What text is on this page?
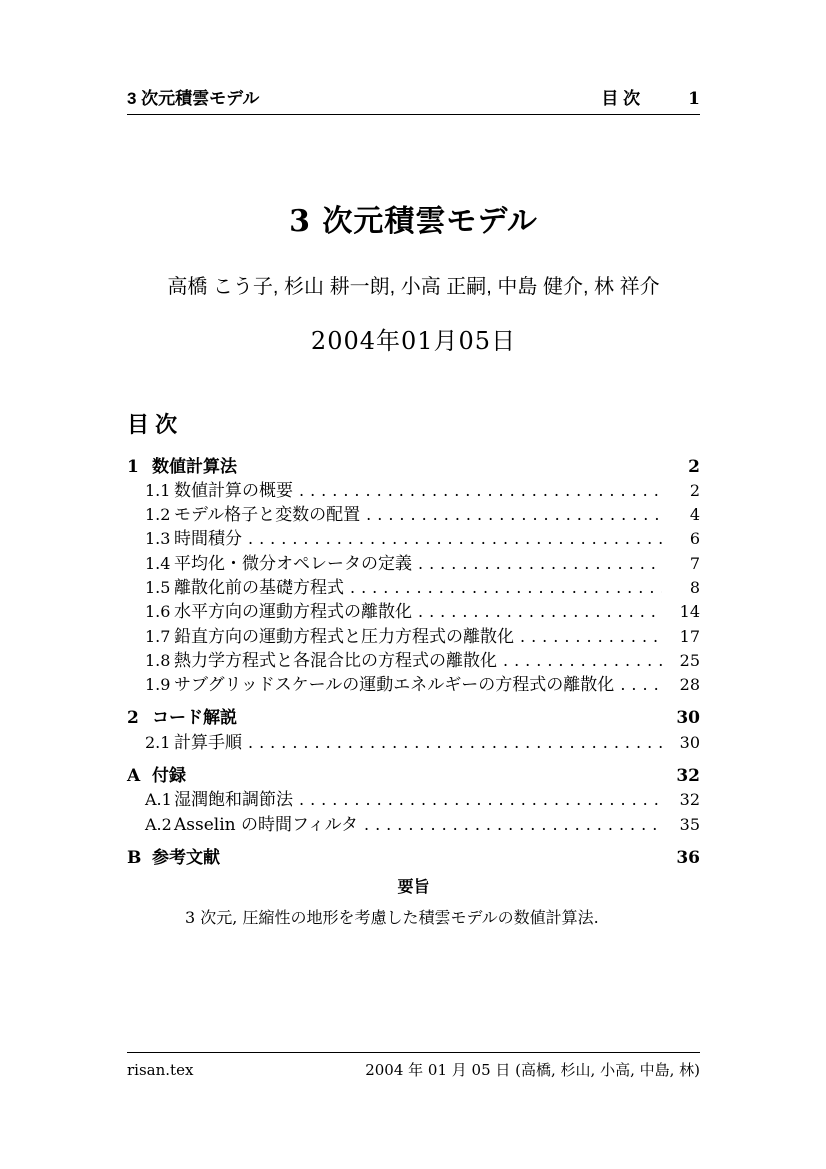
3 次元積雲モデル	目 次	1
3 次元積雲モデル
高橋 こう子, 杉山 耕一朗, 小高 正嗣, 中島 健介, 林 祥介
2004年01月05日
目 次
1 数値計算法	2
1.1 数値計算の概要 .....	2
1.2 モデル格子と変数の配置 .....	4
1.3 時間積分 .....	6
1.4 平均化・微分オペレータの定義 .....	7
1.5 離散化前の基礎方程式 .....	8
1.6 水平方向の運動方程式の離散化 .....	14
1.7 鉛直方向の運動方程式と圧力方程式の離散化 .....	17
1.8 熱力学方程式と各混合比の方程式の離散化 .....	25
1.9 サブグリッドスケールの運動エネルギーの方程式の離散化 .....	28
2 コード解説	30
2.1 計算手順 .....	30
A 付録	32
A.1 湿潤飽和調節法 .....	32
A.2 Asselin の時間フィルタ .....	35
B 参考文献	36
要旨

3 次元, 圧縮性の地形を考慮した積雲モデルの数値計算法.

risan.tex	2004 年 01 月 05 日 (高橋, 杉山, 小高, 中島, 林)
